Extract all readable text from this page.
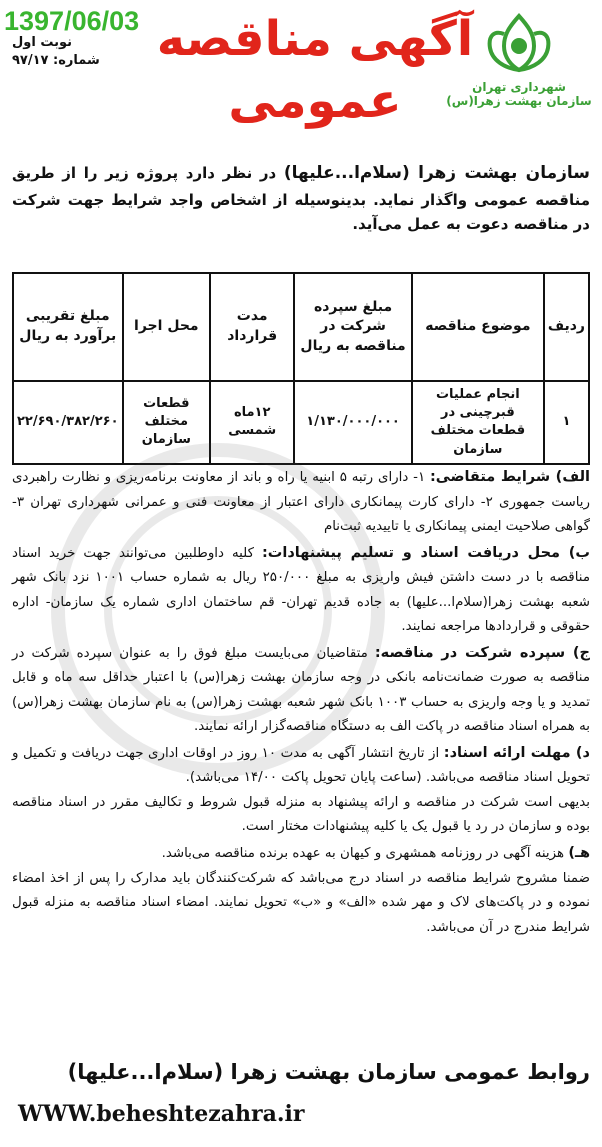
1397/06/03
نوبت اول
شماره: ۹۷/۱۷ آگهی مناقصه
عمومی	شهرداری تهران
سازمان بهشت زهرا(س)
سازمان بهشت زهرا (سلام‌ا...علیها) در نظر دارد پروژه زیر را از طریق مناقصه عمومی واگذار نماید. بدینوسیله از اشخاص واجد شرایط جهت شرکت در مناقصه دعوت به عمل می‌آید.
ردیف	موضوع مناقصه	مبلغ سپرده شرکت در مناقصه به ریال	مدت قرارداد	محل اجرا	مبلغ تقریبی برآورد به ریال
۱	انجام عملیات قبرچینی در قطعات مختلف سازمان	۱/۱۳۰/۰۰۰/۰۰۰	۱۲ماه شمسی	قطعات مختلف سازمان	۲۲/۶۹۰/۳۸۲/۲۶۰

الف) شرایط متقاضی: ۱- دارای رتبه ۵ ابنیه یا راه و باند از معاونت برنامه‌ریزی و نظارت راهبردی ریاست جمهوری ۲- دارای کارت پیمانکاری دارای اعتبار از معاونت فنی و عمرانی شهرداری تهران ۳- گواهی صلاحیت ایمنی پیمانکاری یا تاییدیه ثبت‌نام

ب) محل دریافت اسناد و تسلیم پیشنهادات: کلیه داوطلبین می‌توانند جهت خرید اسناد مناقصه با در دست داشتن فیش واریزی به مبلغ ۲۵۰/۰۰۰ ریال به شماره حساب ۱۰۰۱ نزد بانک شهر شعبه بهشت زهرا(سلام‌ا...علیها) به جاده قدیم تهران- قم ساختمان اداری شماره یک سازمان- اداره حقوقی و قراردادها مراجعه نمایند.

ج) سپرده شرکت در مناقصه: متقاضیان می‌بایست مبلغ فوق را به عنوان سپرده شرکت در مناقصه به صورت ضمانت‌نامه بانکی در وجه سازمان بهشت زهرا(س) با اعتبار حداقل سه ماه و قابل تمدید و یا وجه واریزی به حساب ۱۰۰۳ بانک شهر شعبه بهشت زهرا(س) به نام سازمان بهشت زهرا(س) به همراه اسناد مناقصه در پاکت الف به دستگاه مناقصه‌گزار ارائه نمایند.

د) مهلت ارائه اسناد: از تاریخ انتشار آگهی به مدت ۱۰ روز در اوقات اداری جهت دریافت و تکمیل و تحویل اسناد مناقصه می‌باشد. (ساعت پایان تحویل پاکت ۱۴/۰۰ می‌باشد).

بدیهی است شرکت در مناقصه و ارائه پیشنهاد به منزله قبول شروط و تکالیف مقرر در اسناد مناقصه بوده و سازمان در رد یا قبول یک یا کلیه پیشنهادات مختار است.

هـ) هزینه آگهی در روزنامه همشهری و کیهان به عهده برنده مناقصه می‌باشد.

ضمنا مشروح شرایط مناقصه در اسناد درج می‌باشد که شرکت‌کنندگان باید مدارک را پس از اخذ امضاء نموده و در پاکت‌های لاک و مهر شده «الف» و «ب» تحویل نمایند. امضاء اسناد مناقصه به منزله قبول شرایط مندرج در آن می‌باشد.

روابط عمومی سازمان بهشت زهرا (سلام‌ا...علیها)
WWW.beheshtezahra.ir
